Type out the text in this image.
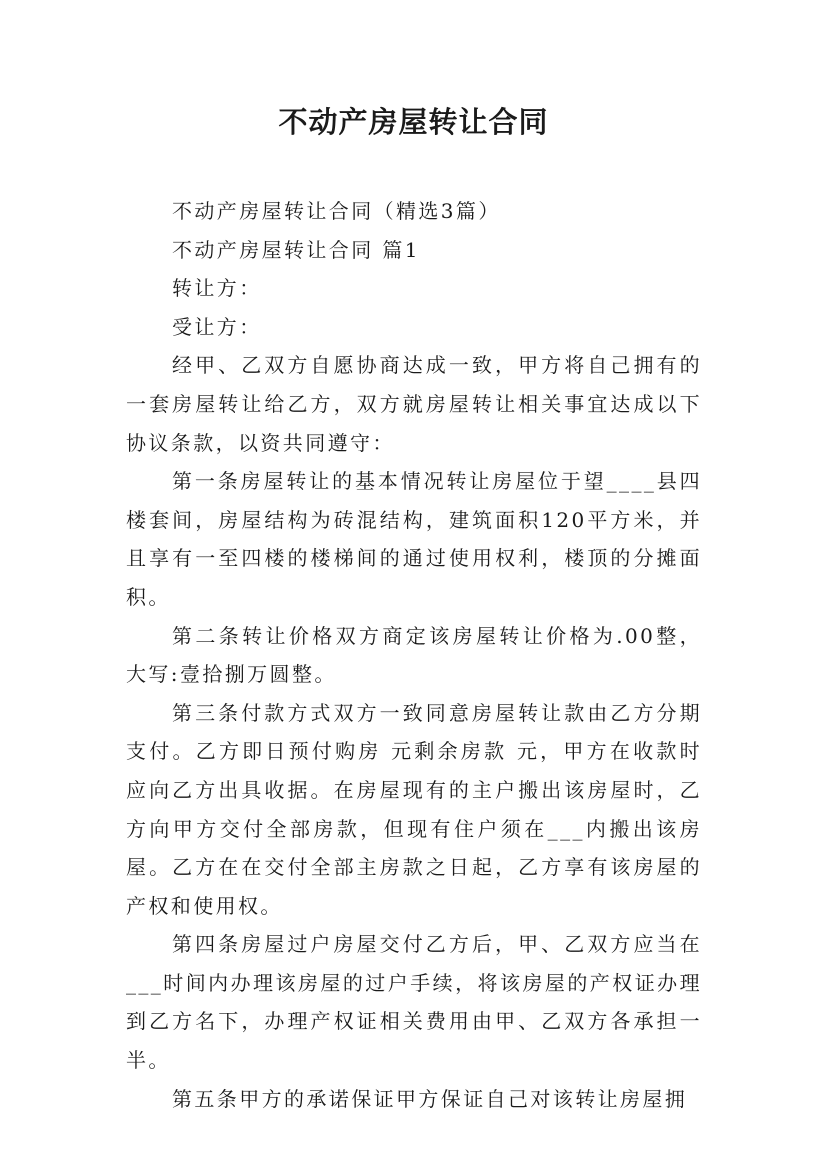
不动产房屋转让合同

不动产房屋转让合同（精选3篇）

不动产房屋转让合同 篇1

转让方：

受让方：

经甲、乙双方自愿协商达成一致，甲方将自己拥有的一套房屋转让给乙方，双方就房屋转让相关事宜达成以下协议条款，以资共同遵守：

第一条房屋转让的基本情况转让房屋位于望____县四楼套间，房屋结构为砖混结构，建筑面积120平方米，并且享有一至四楼的楼梯间的通过使用权利，楼顶的分摊面积。

第二条转让价格双方商定该房屋转让价格为.00整，大写:壹拾捌万圆整。

第三条付款方式双方一致同意房屋转让款由乙方分期支付。乙方即日预付购房 元剩余房款 元，甲方在收款时应向乙方出具收据。在房屋现有的主户搬出该房屋时，乙方向甲方交付全部房款，但现有住户须在___内搬出该房屋。乙方在在交付全部主房款之日起，乙方享有该房屋的产权和使用权。

第四条房屋过户房屋交付乙方后，甲、乙双方应当在___时间内办理该房屋的过户手续，将该房屋的产权证办理到乙方名下，办理产权证相关费用由甲、乙双方各承担一半。

第五条甲方的承诺保证甲方保证自己对该转让房屋拥
